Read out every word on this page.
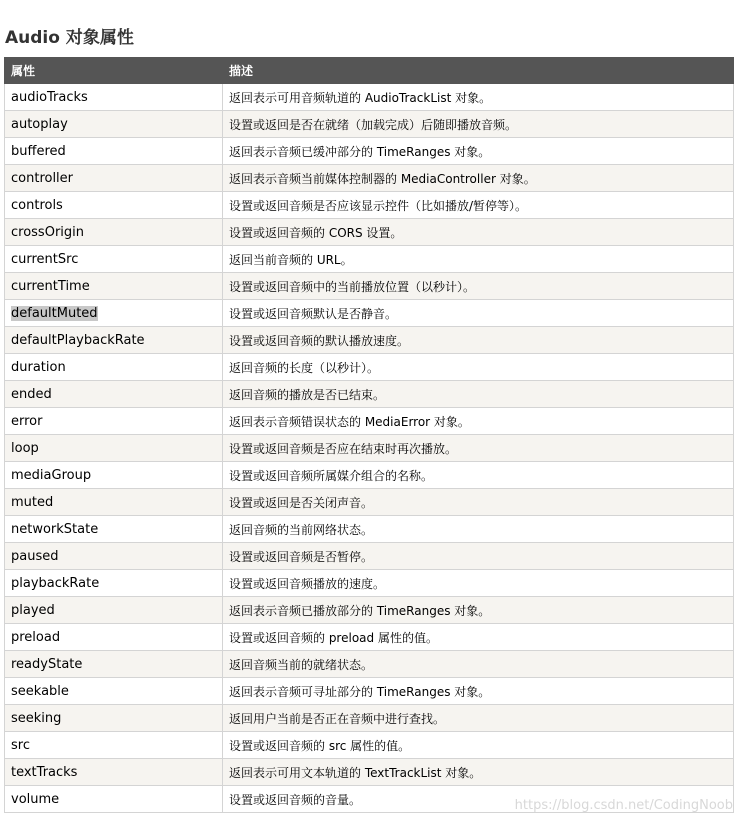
Audio 对象属性
属性	描述
audioTracks	返回表示可用音频轨道的 AudioTrackList 对象。
autoplay	设置或返回是否在就绪（加载完成）后随即播放音频。
buffered	返回表示音频已缓冲部分的 TimeRanges 对象。
controller	返回表示音频当前媒体控制器的 MediaController 对象。
controls	设置或返回音频是否应该显示控件（比如播放/暂停等）。
crossOrigin	设置或返回音频的 CORS 设置。
currentSrc	返回当前音频的 URL。
currentTime	设置或返回音频中的当前播放位置（以秒计）。
defaultMuted	设置或返回音频默认是否静音。
defaultPlaybackRate	设置或返回音频的默认播放速度。
duration	返回音频的长度（以秒计）。
ended	返回音频的播放是否已结束。
error	返回表示音频错误状态的 MediaError 对象。
loop	设置或返回音频是否应在结束时再次播放。
mediaGroup	设置或返回音频所属媒介组合的名称。
muted	设置或返回是否关闭声音。
networkState	返回音频的当前网络状态。
paused	设置或返回音频是否暂停。
playbackRate	设置或返回音频播放的速度。
played	返回表示音频已播放部分的 TimeRanges 对象。
preload	设置或返回音频的 preload 属性的值。
readyState	返回音频当前的就绪状态。
seekable	返回表示音频可寻址部分的 TimeRanges 对象。
seeking	返回用户当前是否正在音频中进行查找。
src	设置或返回音频的 src 属性的值。
textTracks	返回表示可用文本轨道的 TextTrackList 对象。
volume	设置或返回音频的音量。	https://blog.csdn.net/CodingNoob
